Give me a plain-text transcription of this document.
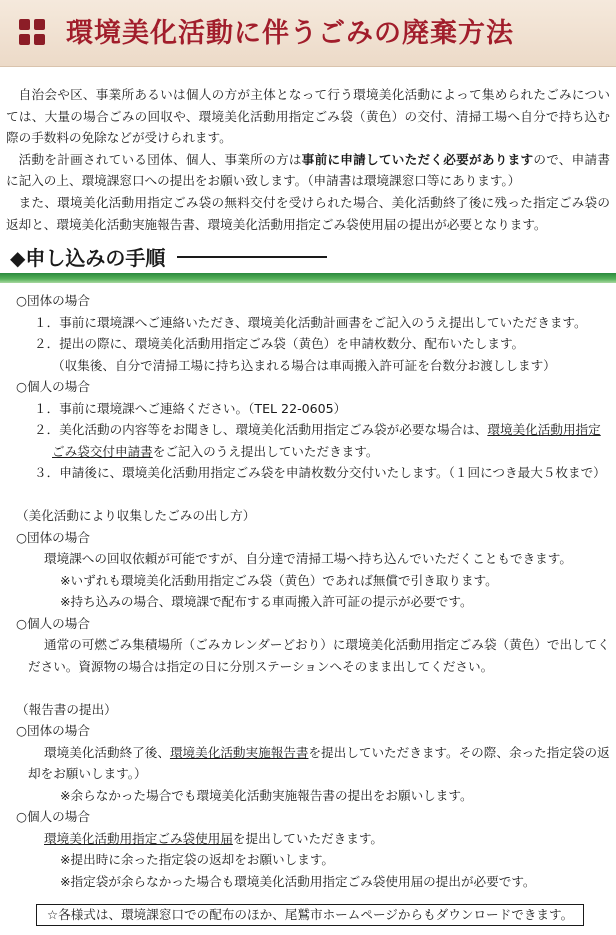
環境美化活動に伴うごみの廃棄方法

自治会や区、事業所あるいは個人の方が主体となって行う環境美化活動によって集められたごみについては、大量の場合ごみの回収や、環境美化活動用指定ごみ袋（黄色）の交付、清掃工場へ自分で持ち込む際の手数料の免除などが受けられます。

活動を計画されている団体、個人、事業所の方は事前に申請していただく必要がありますので、申請書に記入の上、環境課窓口への提出をお願い致します。（申請書は環境課窓口等にあります。）

また、環境美化活動用指定ごみ袋の無料交付を受けられた場合、美化活動終了後に残った指定ごみ袋の返却と、環境美化活動実施報告書、環境美化活動用指定ごみ袋使用届の提出が必要となります。

◆申し込みの手順
○団体の場合
１．事前に環境課へご連絡いただき、環境美化活動計画書をご記入のうえ提出していただきます。
２．提出の際に、環境美化活動用指定ごみ袋（黄色）を申請枚数分、配布いたします。
（収集後、自分で清掃工場に持ち込まれる場合は車両搬入許可証を台数分お渡しします）
○個人の場合
１．事前に環境課へご連絡ください。（TEL 22-0605）
２．美化活動の内容等をお聞きし、環境美化活動用指定ごみ袋が必要な場合は、環境美化活動用指定ごみ袋交付申請書をご記入のうえ提出していただきます。
３．申請後に、環境美化活動用指定ごみ袋を申請枚数分交付いたします。（１回につき最大５枚まで）
（美化活動により収集したごみの出し方）
○団体の場合
環境課への回収依頼が可能ですが、自分達で清掃工場へ持ち込んでいただくこともできます。
※いずれも環境美化活動用指定ごみ袋（黄色）であれば無償で引き取ります。
※持ち込みの場合、環境課で配布する車両搬入許可証の提示が必要です。
○個人の場合
通常の可燃ごみ集積場所（ごみカレンダーどおり）に環境美化活動用指定ごみ袋（黄色）で出してください。資源物の場合は指定の日に分別ステーションへそのまま出してください。
（報告書の提出）
○団体の場合
環境美化活動終了後、環境美化活動実施報告書を提出していただきます。その際、余った指定袋の返却をお願いします。）
※余らなかった場合でも環境美化活動実施報告書の提出をお願いします。
○個人の場合
環境美化活動用指定ごみ袋使用届を提出していただきます。
※提出時に余った指定袋の返却をお願いします。
※指定袋が余らなかった場合も環境美化活動用指定ごみ袋使用届の提出が必要です。
☆各様式は、環境課窓口での配布のほか、尾鷲市ホームページからもダウンロードできます。
